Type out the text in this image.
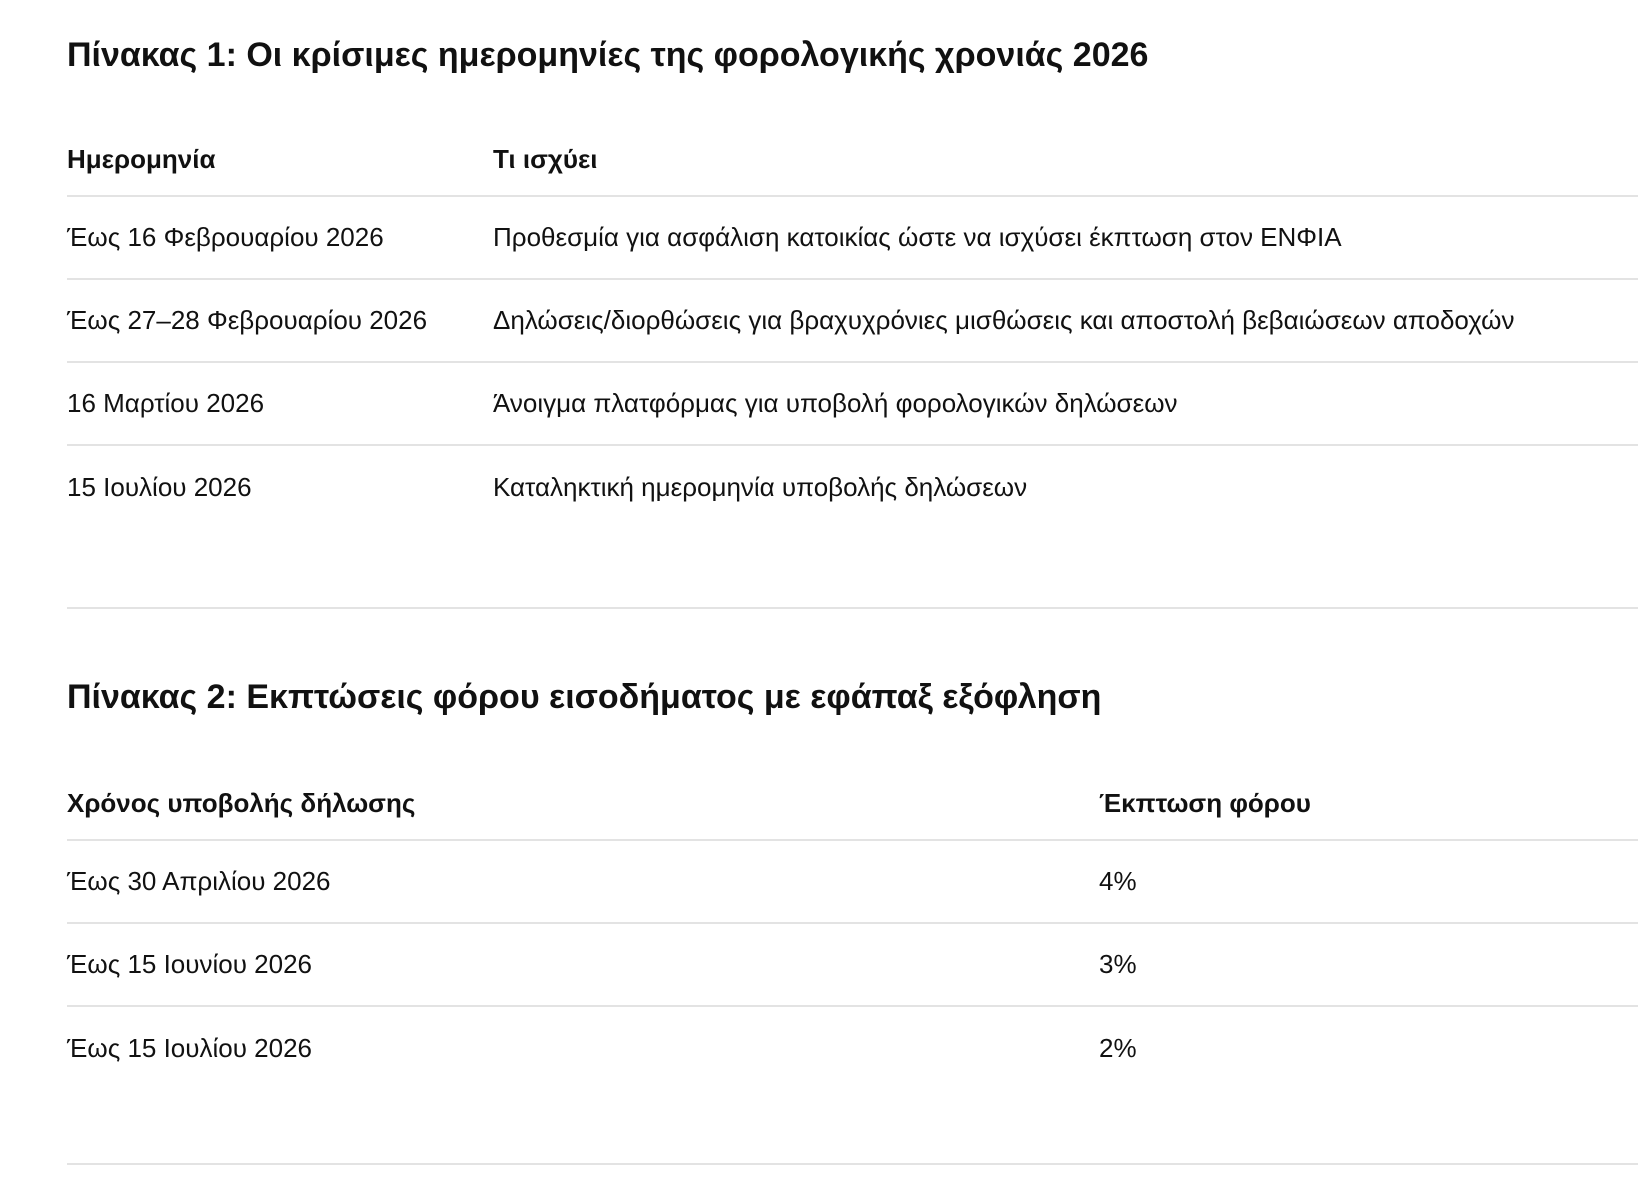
Πίνακας 1: Οι κρίσιμες ημερομηνίες της φορολογικής χρονιάς 2026
Ημερομηνία	Τι ισχύει
Έως 16 Φεβρουαρίου 2026	Προθεσμία για ασφάλιση κατοικίας ώστε να ισχύσει έκπτωση στον ΕΝΦΙΑ
Έως 27–28 Φεβρουαρίου 2026	Δηλώσεις/διορθώσεις για βραχυχρόνιες μισθώσεις και αποστολή βεβαιώσεων αποδοχών
16 Μαρτίου 2026	Άνοιγμα πλατφόρμας για υποβολή φορολογικών δηλώσεων
15 Ιουλίου 2026	Καταληκτική ημερομηνία υποβολής δηλώσεων
Πίνακας 2: Εκπτώσεις φόρου εισοδήματος με εφάπαξ εξόφληση
Χρόνος υποβολής δήλωσης	Έκπτωση φόρου
Έως 30 Απριλίου 2026	4%
Έως 15 Ιουνίου 2026	3%
Έως 15 Ιουλίου 2026	2%
